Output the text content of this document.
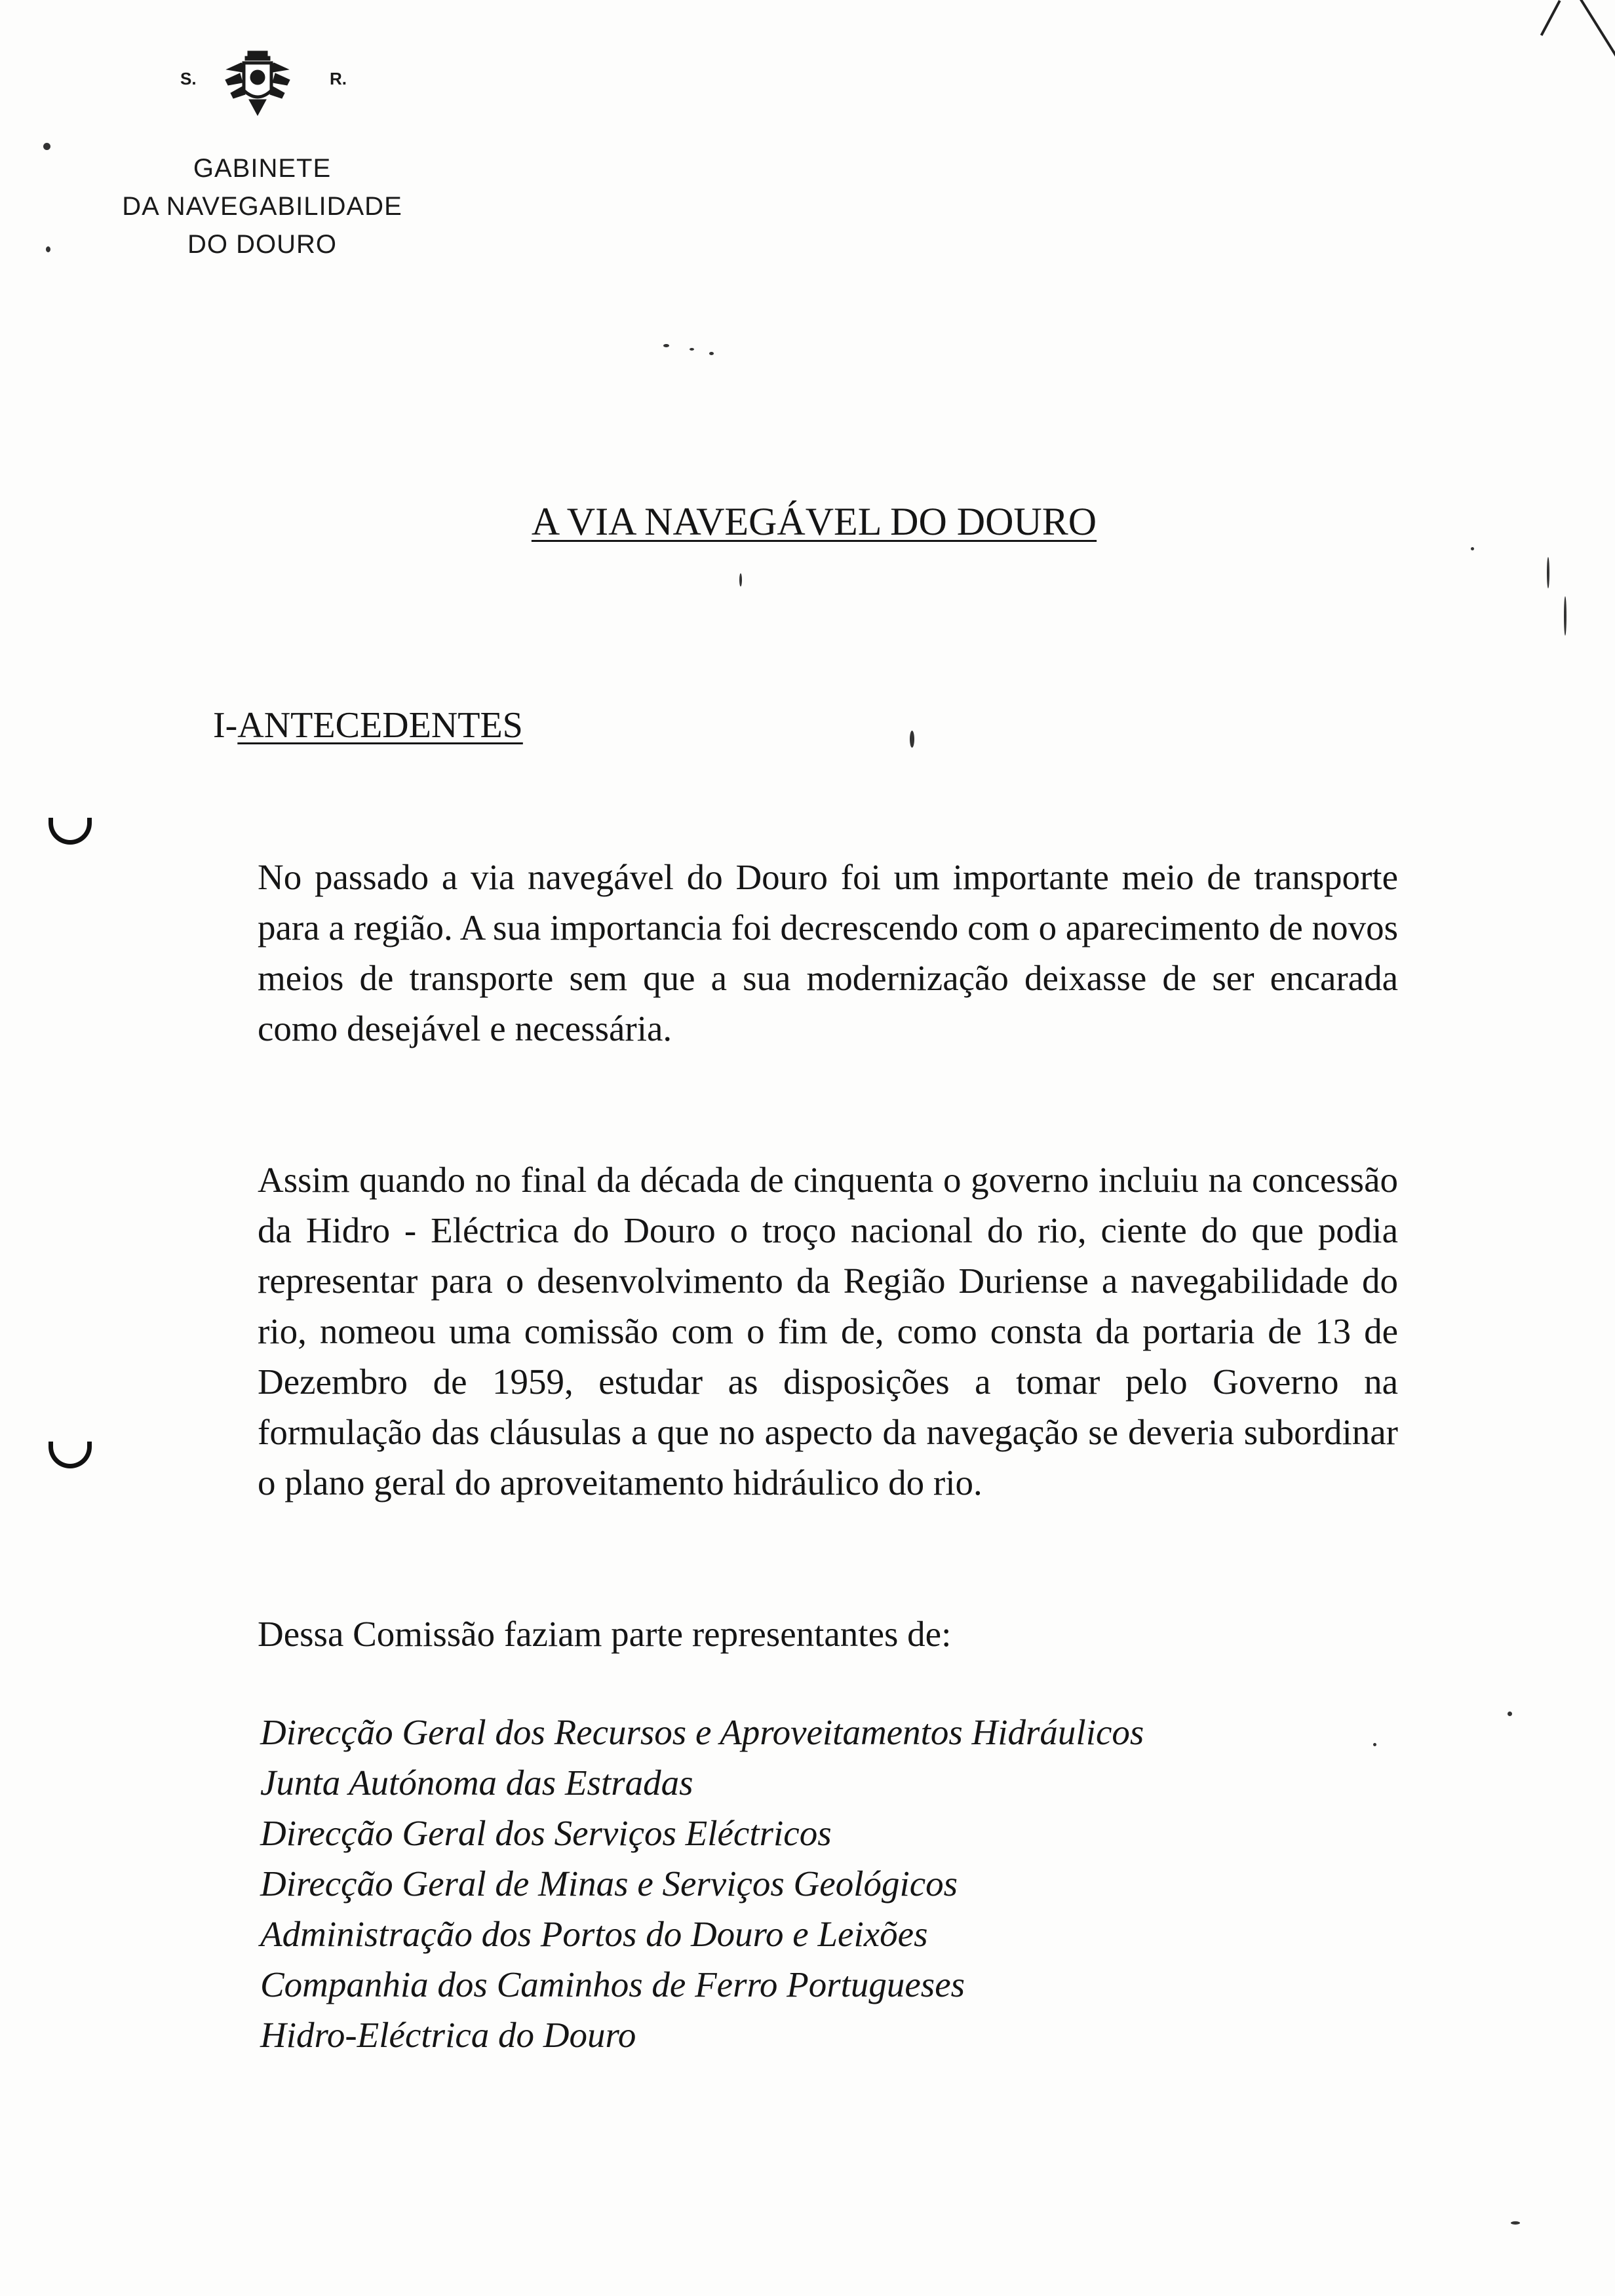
S.	R.
GABINETE
DA NAVEGABILIDADE
DO DOURO
A VIA NAVEGÁVEL DO DOURO
I-ANTECEDENTES

No passado a via navegável do Douro foi um importante meio de transporte para a região. A sua importancia foi decrescendo com o aparecimento de novos meios de transporte sem que a sua modernização deixasse de ser encarada como desejável e necessária.

Assim quando no final da década de cinquenta o governo incluiu na concessão da Hidro - Eléctrica do Douro o troço nacional do rio, ciente do que podia representar para o desenvolvimento da Região Duriense a navegabilidade do rio, nomeou uma comissão com o fim de, como consta da portaria de 13 de Dezembro de 1959, estudar as disposições a tomar pelo Governo na formulação das cláusulas a que no aspecto da navegação se deveria subordinar o plano geral do aproveitamento hidráulico do rio.

Dessa Comissão faziam parte representantes de:

Direcção Geral dos Recursos e Aproveitamentos Hidráulicos
Junta Autónoma das Estradas
Direcção Geral dos Serviços Eléctricos
Direcção Geral de Minas e Serviços Geológicos
Administração dos Portos do Douro e Leixões
Companhia dos Caminhos de Ferro Portugueses
Hidro-Eléctrica do Douro
